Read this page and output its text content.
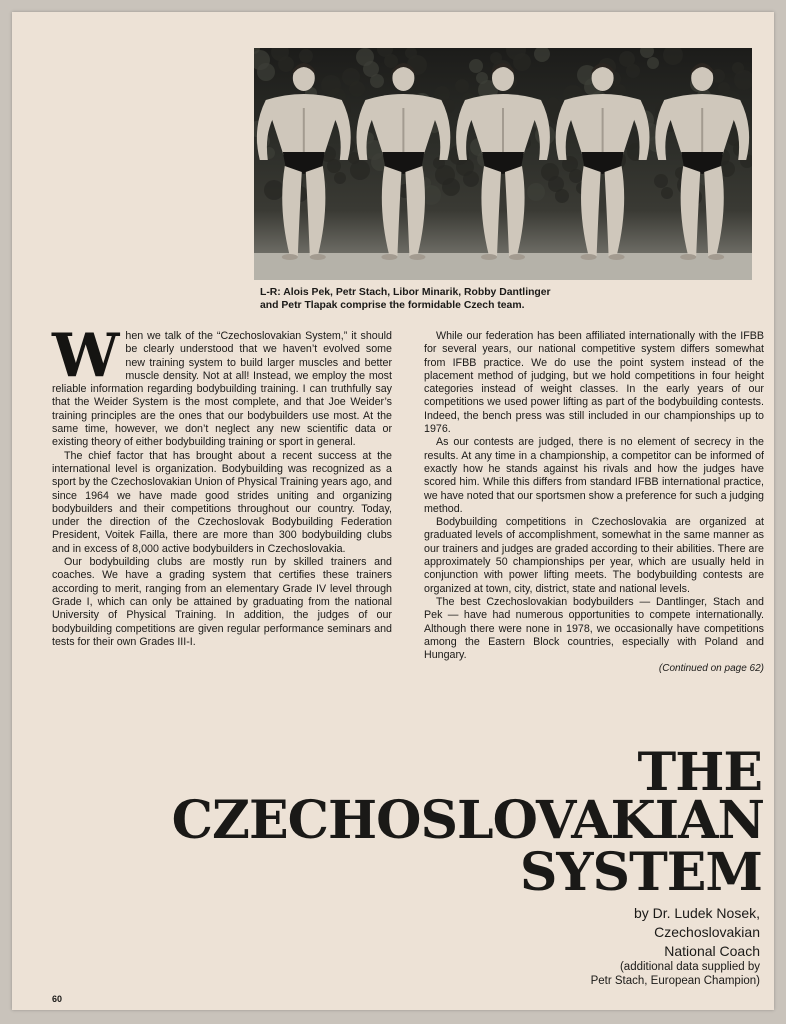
L-R: Alois Pek, Petr Stach, Libor Minarik, Robby Dantlinger
and Petr Tlapak comprise the formidable Czech team.

When we talk of the “Czechoslovakian System,” it should be clearly understood that we haven’t evolved some new training system to build larger muscles and better muscle density. Not at all! Instead, we employ the most reliable information regarding bodybuilding training. I can truthfully say that the Weider System is the most complete, and that Joe Weider’s training principles are the ones that our bodybuilders use most. At the same time, however, we don’t neglect any new scientific data or existing theory of either bodybuilding training or sport in general.

The chief factor that has brought about a recent success at the international level is organization. Bodybuilding was recognized as a sport by the Czechoslovakian Union of Physical Training years ago, and since 1964 we have made good strides uniting and organizing bodybuilders and their competitions throughout our country. Today, under the direction of the Czechoslovak Bodybuilding Federation President, Voitek Failla, there are more than 300 bodybuilding clubs and in excess of 8,000 active bodybuilders in Czechoslovakia.

Our bodybuilding clubs are mostly run by skilled trainers and coaches. We have a grading system that certifies these trainers according to merit, ranging from an elementary Grade IV level through Grade I, which can only be attained by graduating from the national University of Physical Training. In addition, the judges of our bodybuilding competitions are given regular performance seminars and tests for their own Grades III-I.

While our federation has been affiliated internationally with the IFBB for several years, our national competitive system differs somewhat from IFBB practice. We do use the point system instead of the placement method of judging, but we hold competitions in four height categories instead of weight classes. In the early years of our competitions we used power lifting as part of the bodybuilding contests. Indeed, the bench press was still included in our championships up to 1976.

As our contests are judged, there is no element of secrecy in the results. At any time in a championship, a competitor can be informed of exactly how he stands against his rivals and how the judges have scored him. While this differs from standard IFBB international practice, we have noted that our sportsmen show a preference for such a judging method.

Bodybuilding competitions in Czechoslovakia are organized at graduated levels of accomplishment, somewhat in the same manner as our trainers and judges are graded according to their abilities. There are approximately 50 championships per year, which are usually held in conjunction with power lifting meets. The bodybuilding contests are organized at town, city, district, state and national levels.

The best Czechoslovakian bodybuilders — Dantlinger, Stach and Pek — have had numerous opportunities to compete internationally. Although there were none in 1978, we occasionally have competitions among the Eastern Block countries, especially with Poland and Hungary.

(Continued on page 62)

THE
CZECHOSLOVAKIAN
SYSTEM
by Dr. Ludek Nosek,
Czechoslovakian
National Coach
(additional data supplied by
Petr Stach, European Champion)
60
